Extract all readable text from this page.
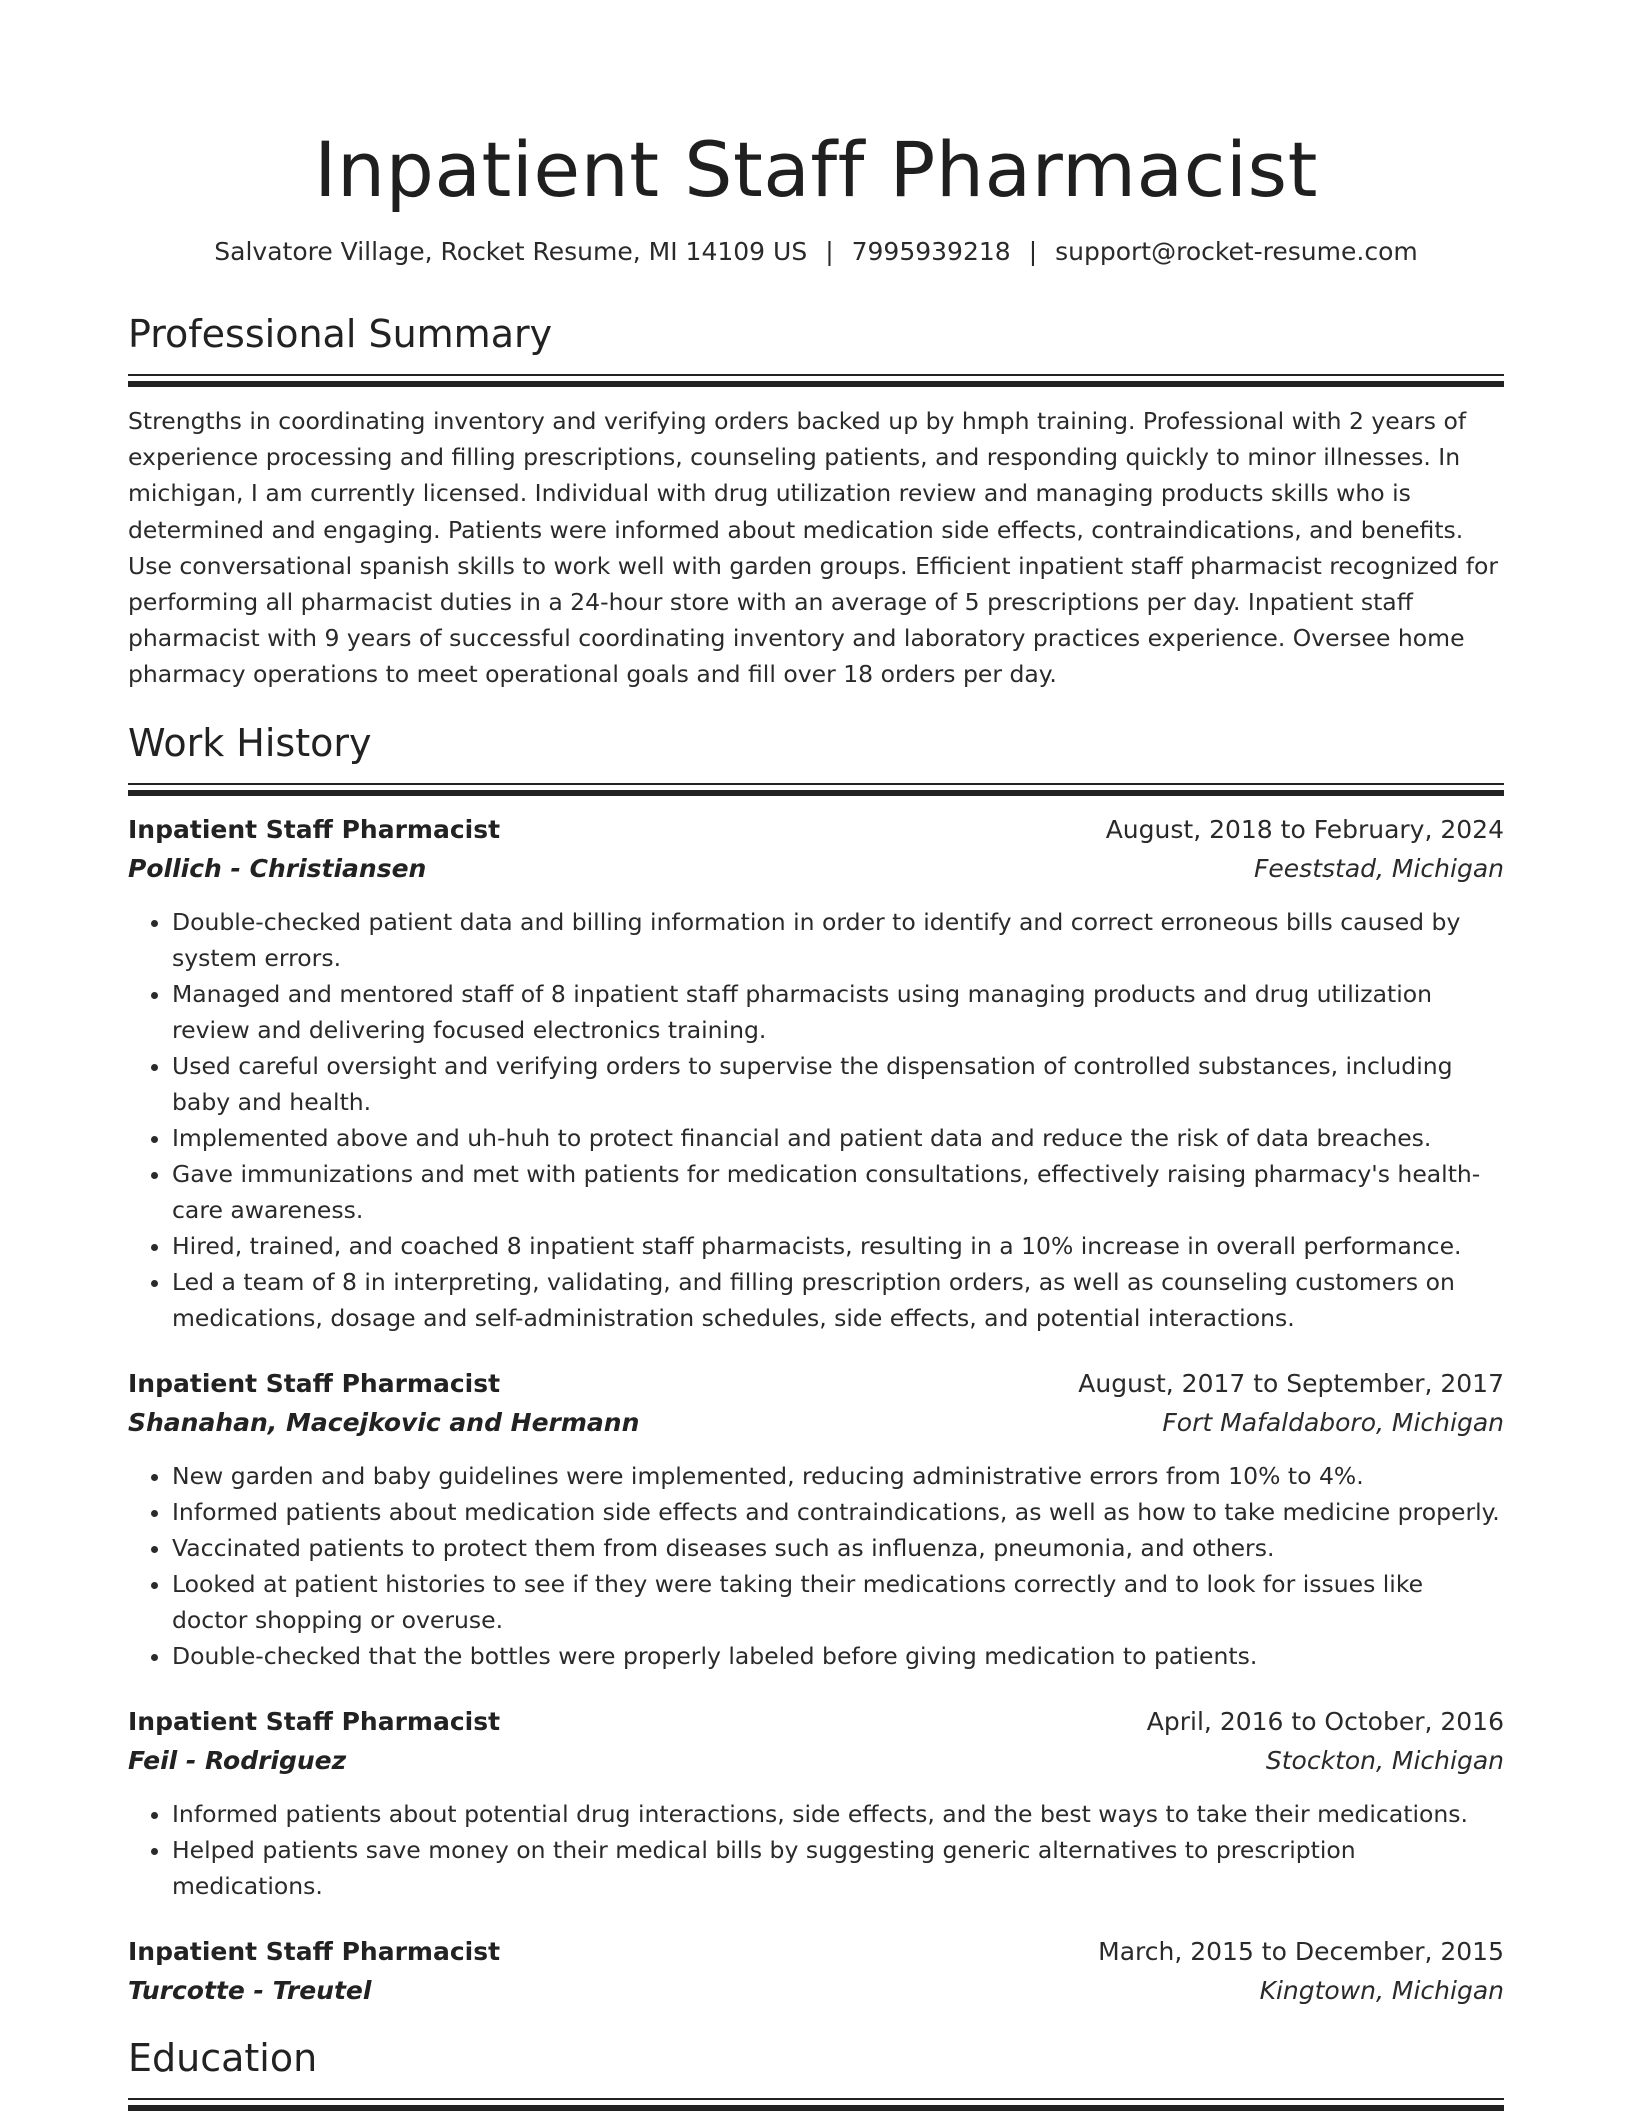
Inpatient Staff Pharmacist
Salvatore Village, Rocket Resume, MI 14109 US | 7995939218 | support@rocket-resume.com
Professional Summary

Strengths in coordinating inventory and verifying orders backed up by hmph training. Professional with 2 years of experience processing and filling prescriptions, counseling patients, and responding quickly to minor illnesses. In michigan, I am currently licensed. Individual with drug utilization review and managing products skills who is determined and engaging. Patients were informed about medication side effects, contraindications, and benefits. Use conversational spanish skills to work well with garden groups. Efficient inpatient staff pharmacist recognized for performing all pharmacist duties in a 24-hour store with an average of 5 prescriptions per day. Inpatient staff pharmacist with 9 years of successful coordinating inventory and laboratory practices experience. Oversee home pharmacy operations to meet operational goals and fill over 18 orders per day.

Work History
Inpatient Staff Pharmacist	August, 2018 to February, 2024
Pollich - Christiansen	Feeststad, Michigan
• Double-checked patient data and billing information in order to identify and correct erroneous bills caused by system errors.
• Managed and mentored staff of 8 inpatient staff pharmacists using managing products and drug utilization review and delivering focused electronics training.
• Used careful oversight and verifying orders to supervise the dispensation of controlled substances, including baby and health.
• Implemented above and uh-huh to protect financial and patient data and reduce the risk of data breaches.
• Gave immunizations and met with patients for medication consultations, effectively raising pharmacy's health-care awareness.
• Hired, trained, and coached 8 inpatient staff pharmacists, resulting in a 10% increase in overall performance.
• Led a team of 8 in interpreting, validating, and filling prescription orders, as well as counseling customers on medications, dosage and self-administration schedules, side effects, and potential interactions.
Inpatient Staff Pharmacist	August, 2017 to September, 2017
Shanahan, Macejkovic and Hermann	Fort Mafaldaboro, Michigan
• New garden and baby guidelines were implemented, reducing administrative errors from 10% to 4%.
• Informed patients about medication side effects and contraindications, as well as how to take medicine properly.
• Vaccinated patients to protect them from diseases such as influenza, pneumonia, and others.
• Looked at patient histories to see if they were taking their medications correctly and to look for issues like doctor shopping or overuse.
• Double-checked that the bottles were properly labeled before giving medication to patients.
Inpatient Staff Pharmacist	April, 2016 to October, 2016
Feil - Rodriguez	Stockton, Michigan
• Informed patients about potential drug interactions, side effects, and the best ways to take their medications.
• Helped patients save money on their medical bills by suggesting generic alternatives to prescription medications.
Inpatient Staff Pharmacist	March, 2015 to December, 2015
Turcotte - Treutel	Kingtown, Michigan
Education
